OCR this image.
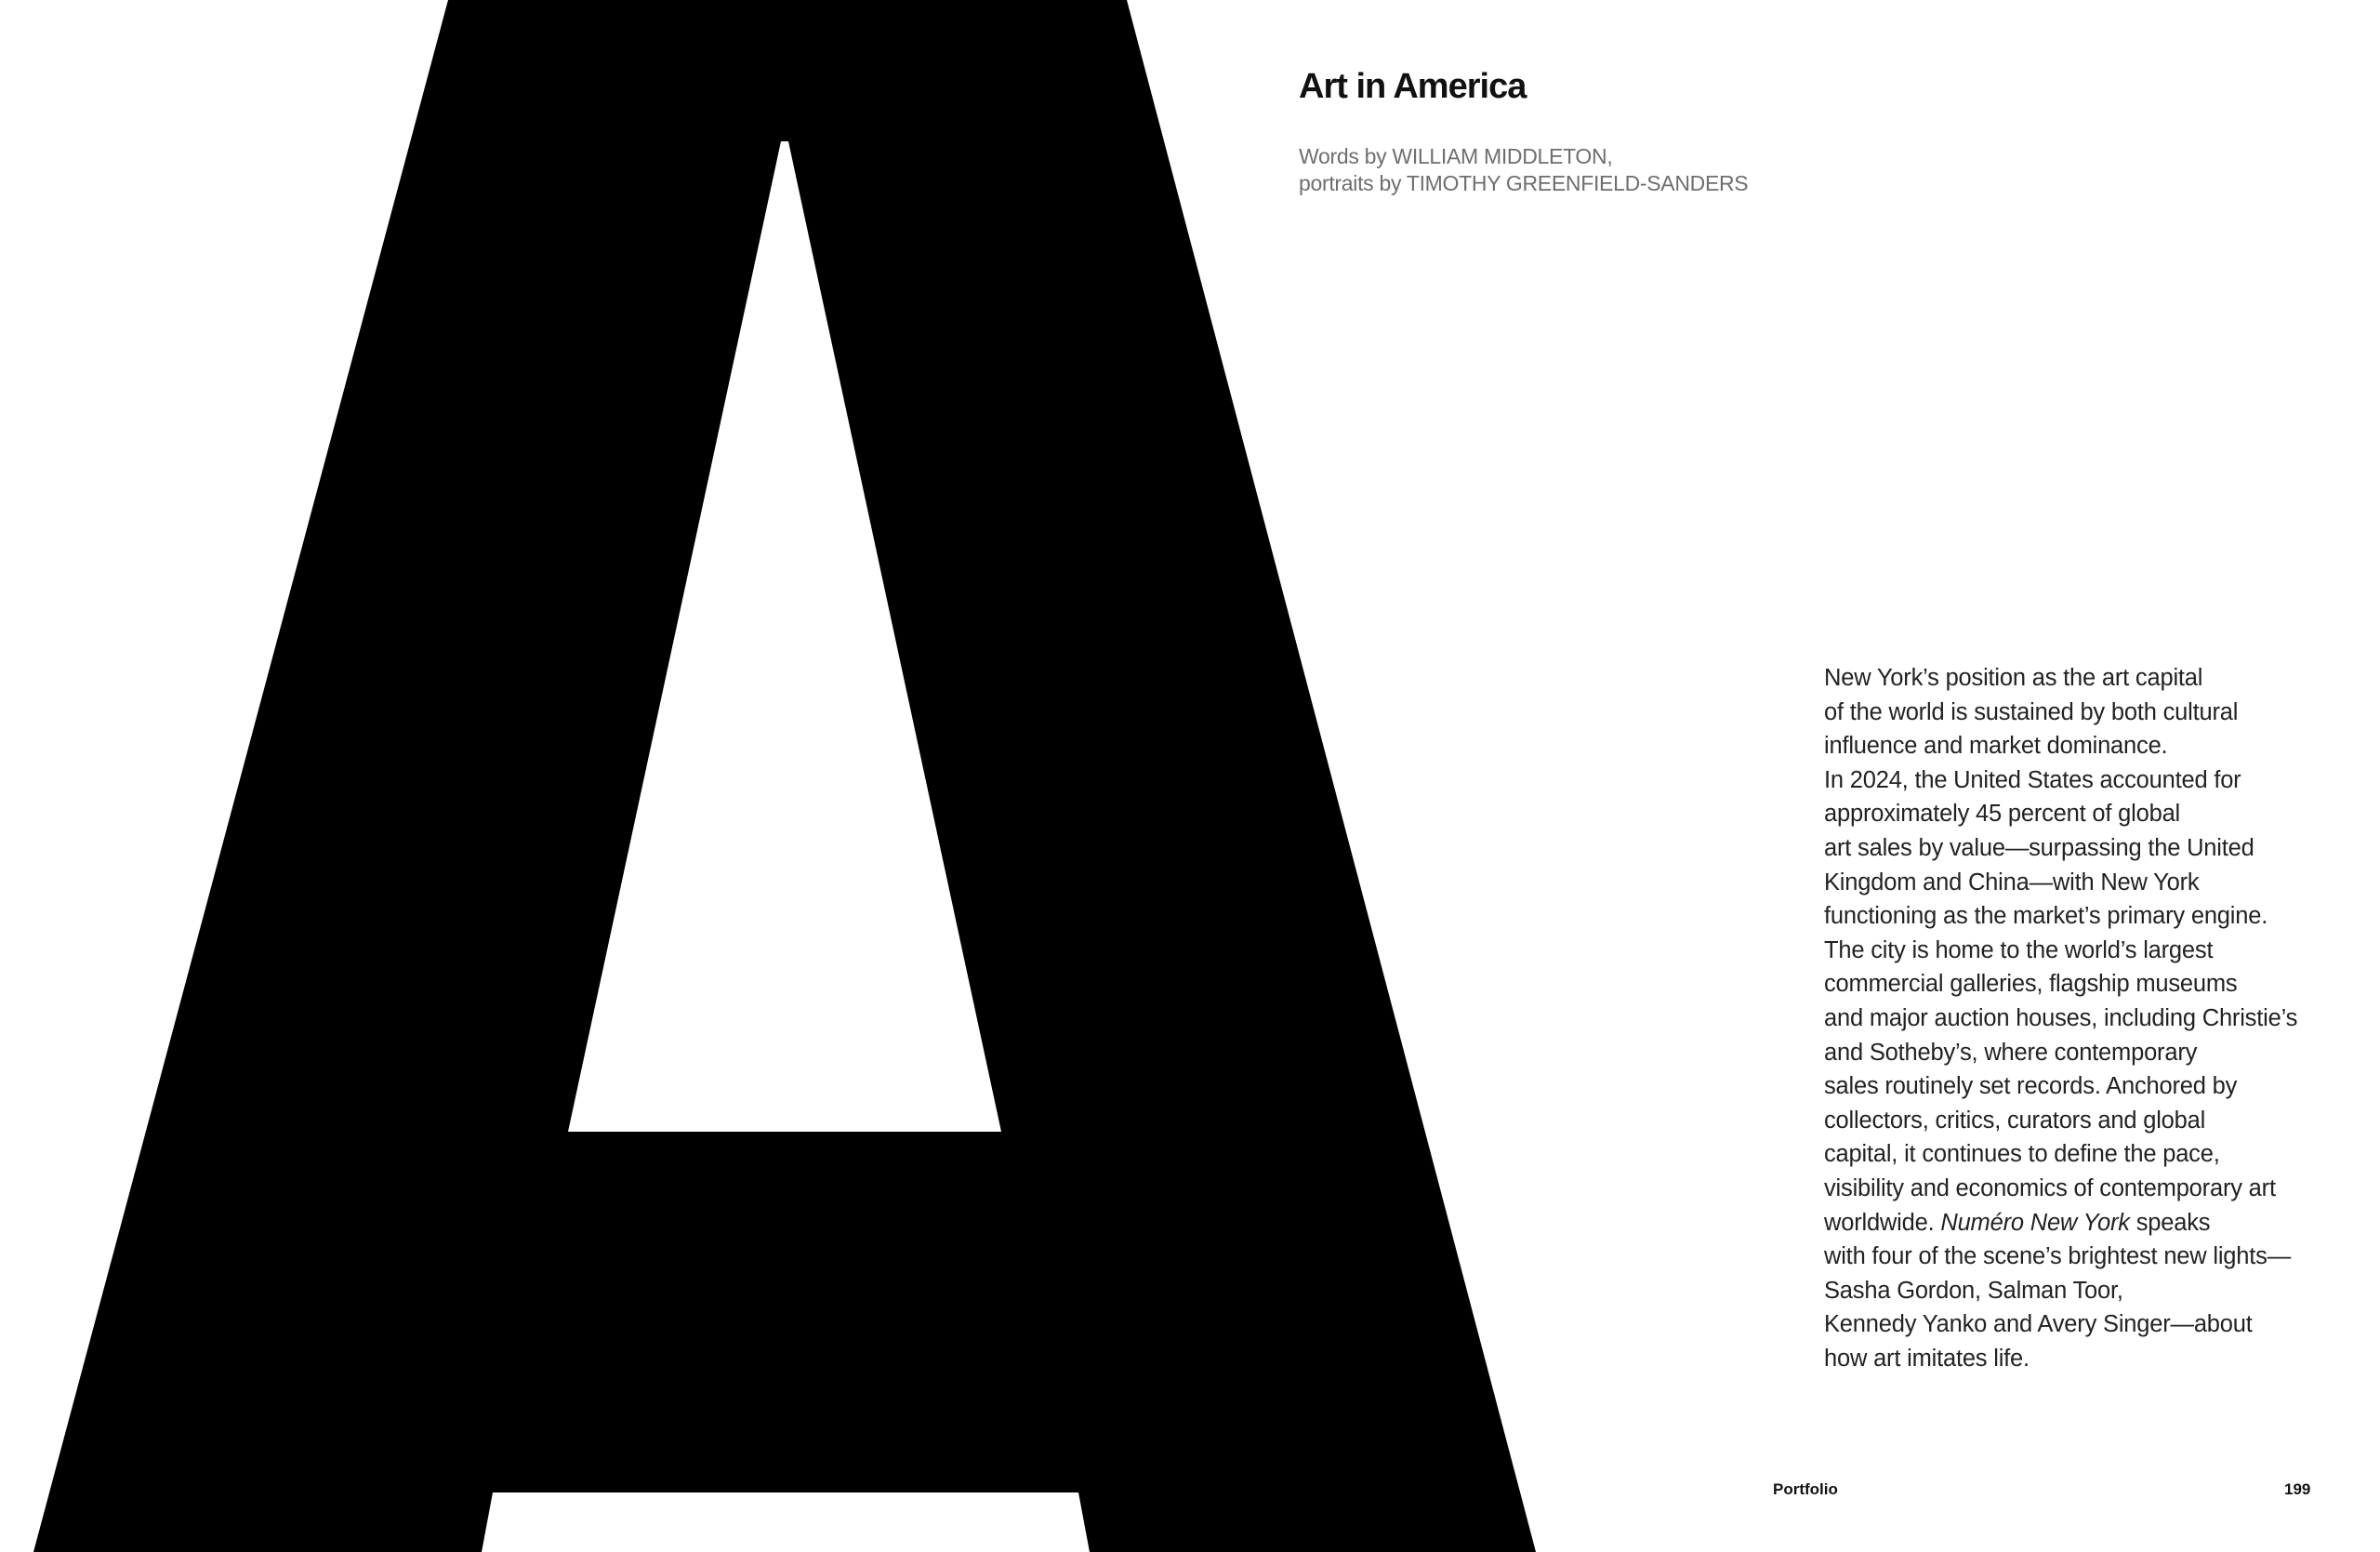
Art in America
Words by WILLIAM MIDDLETON,
portraits by TIMOTHY GREENFIELD-SANDERS

New York’s position as the art capital
of the world is sustained by both cultural
influence and market dominance.
In 2024, the United States accounted for
approximately 45 percent of global
art sales by value—surpassing the United
Kingdom and China—with New York
functioning as the market’s primary engine.
The city is home to the world’s largest
commercial galleries, flagship museums
and major auction houses, including Christie’s
and Sotheby’s, where contemporary
sales routinely set records. Anchored by
collectors, critics, curators and global
capital, it continues to define the pace,
visibility and economics of contemporary art
worldwide. Numéro New York speaks
with four of the scene’s brightest new lights—
Sasha Gordon, Salman Toor,
Kennedy Yanko and Avery Singer—about
how art imitates life.

Portfolio	199
